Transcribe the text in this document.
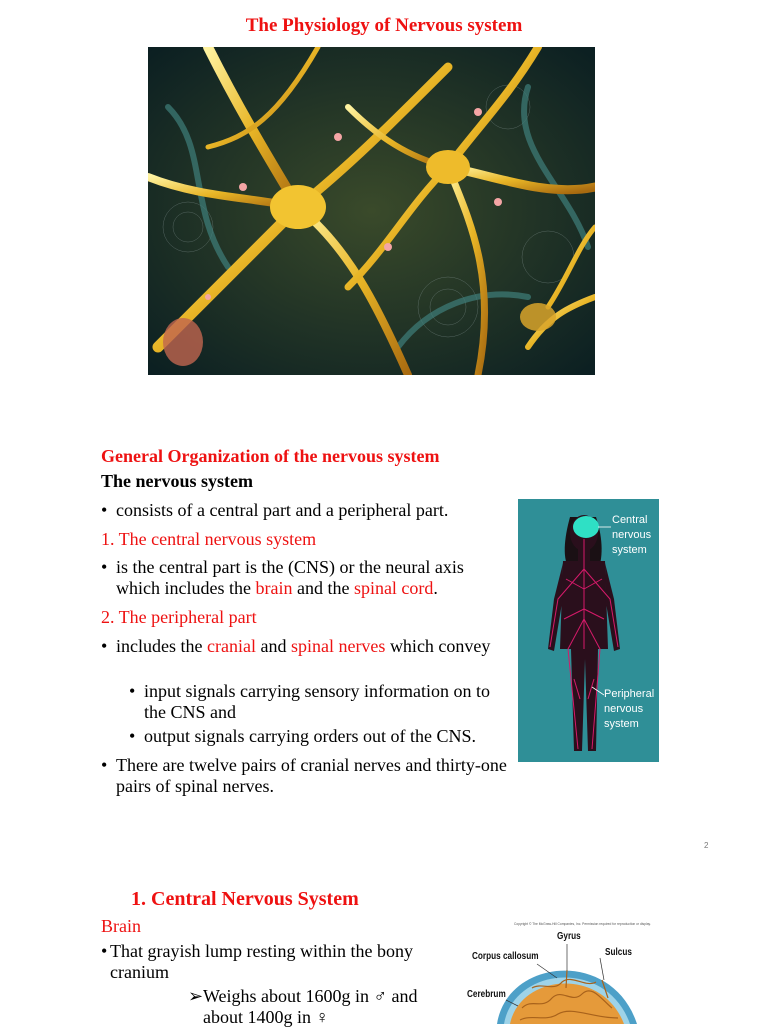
The Physiology of Nervous system
General Organization of the nervous system
The nervous system
• consists of a central part and a peripheral part.
1. The central nervous system
• is the central part is the (CNS) or the neural axis which includes the brain and the spinal cord.
2. The peripheral part
• includes the cranial and spinal nerves which convey
• input signals carrying sensory information on to the CNS and
• output signals carrying orders out of the CNS.
• There are twelve pairs of cranial nerves and thirty-one pairs of spinal nerves.
Central
nervous
system
Peripheral
nervous
system
2
1. Central Nervous System
Brain
• That grayish lump resting within the bony cranium
➢ Weighs about 1600g in ♂ and about 1400g in ♀
Copyright © The McGraw-Hill Companies, Inc. Permission required for reproduction or display.
Gyrus
Corpus callosum	Sulcus
Cerebrum
